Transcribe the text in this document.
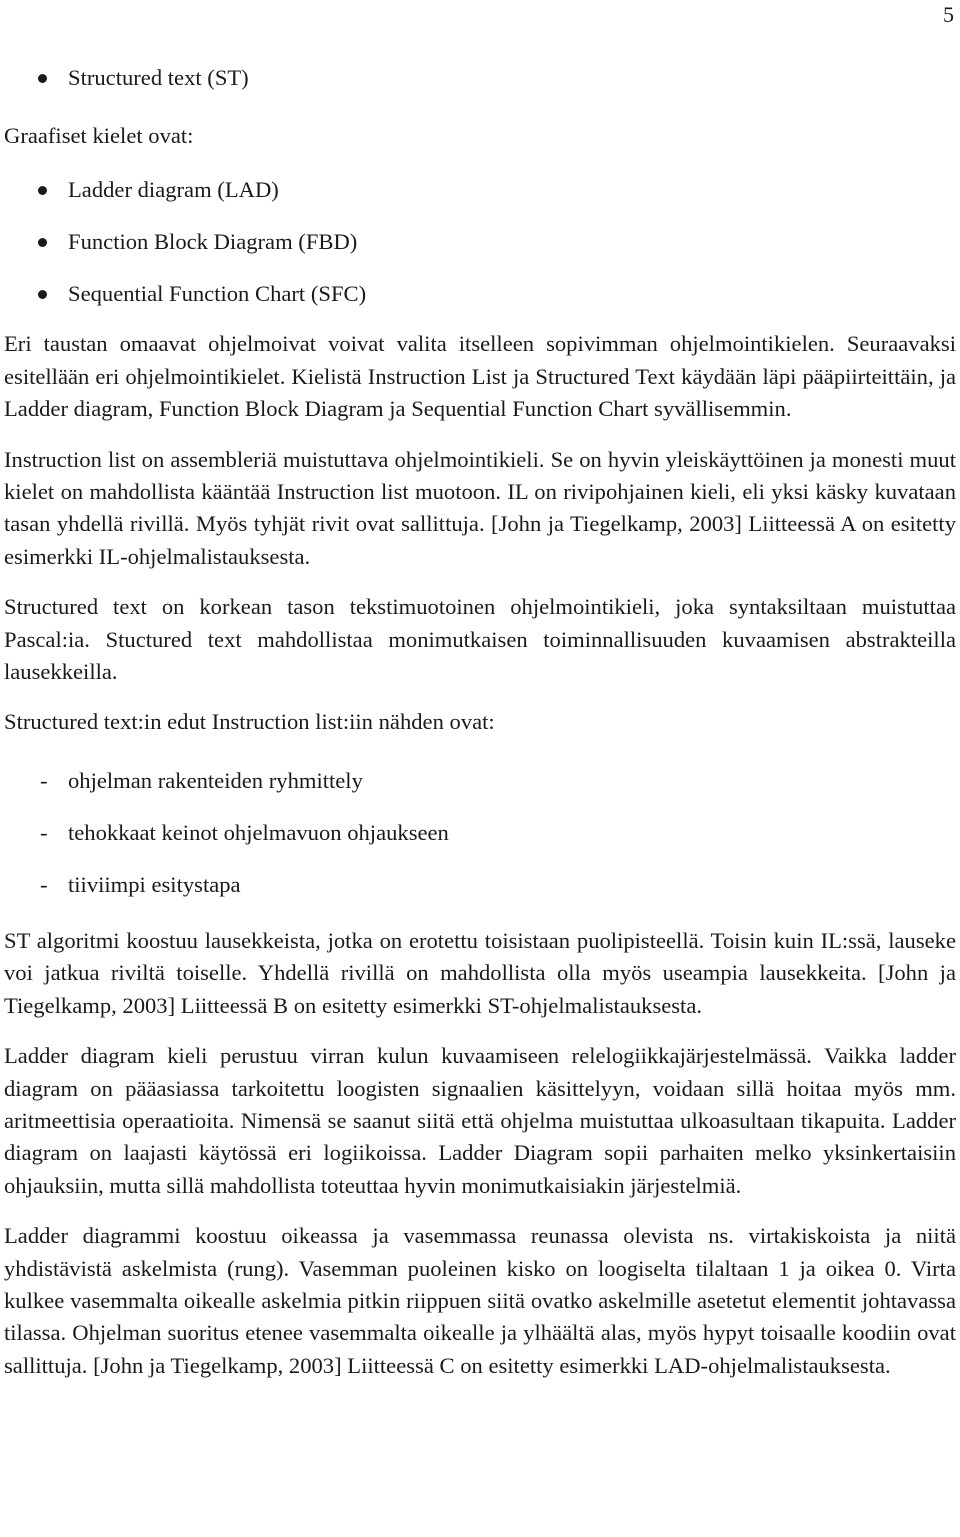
5
Structured text (ST)

Graafiset kielet ovat:

Ladder diagram (LAD)
Function Block Diagram (FBD)
Sequential Function Chart (SFC)

Eri taustan omaavat ohjelmoivat voivat valita itselleen sopivimman ohjelmointikielen. Seuraavaksi esitellään eri ohjelmointikielet. Kielistä Instruction List ja Structured Text käydään läpi pääpiirteittäin, ja Ladder diagram, Function Block Diagram ja Sequential Function Chart syvällisemmin.

Instruction list on assembleriä muistuttava ohjelmointikieli. Se on hyvin yleiskäyttöinen ja monesti muut kielet on mahdollista kääntää Instruction list muotoon. IL on rivipohjainen kieli, eli yksi käsky kuvataan tasan yhdellä rivillä. Myös tyhjät rivit ovat sallittuja. [John ja Tiegelkamp, 2003] Liitteessä A on esitetty esimerkki IL-ohjelmalistauksesta.

Structured text on korkean tason tekstimuotoinen ohjelmointikieli, joka syntaksiltaan muistuttaa Pascal:ia. Stuctured text mahdollistaa monimutkaisen toiminnallisuuden kuvaamisen abstrakteilla lausekkeilla.

Structured text:in edut Instruction list:iin nähden ovat:

- ohjelman rakenteiden ryhmittely
- tehokkaat keinot ohjelmavuon ohjaukseen
- tiiviimpi esitystapa

ST algoritmi koostuu lausekkeista, jotka on erotettu toisistaan puolipisteellä. Toisin kuin IL:ssä, lauseke voi jatkua riviltä toiselle. Yhdellä rivillä on mahdollista olla myös useampia lausekkeita. [John ja Tiegelkamp, 2003] Liitteessä B on esitetty esimerkki ST-ohjelmalistauksesta.

Ladder diagram kieli perustuu virran kulun kuvaamiseen relelogiikkajärjestelmässä. Vaikka ladder diagram on pääasiassa tarkoitettu loogisten signaalien käsittelyyn, voidaan sillä hoitaa myös mm. aritmeettisia operaatioita. Nimensä se saanut siitä että ohjelma muistuttaa ulkoasultaan tikapuita. Ladder diagram on laajasti käytössä eri logiikoissa. Ladder Diagram sopii parhaiten melko yksinkertaisiin ohjauksiin, mutta sillä mahdollista toteuttaa hyvin monimutkaisiakin järjestelmiä.

Ladder diagrammi koostuu oikeassa ja vasemmassa reunassa olevista ns. virtakiskoista ja niitä yhdistävistä askelmista (rung). Vasemman puoleinen kisko on loogiselta tilaltaan 1 ja oikea 0. Virta kulkee vasemmalta oikealle askelmia pitkin riippuen siitä ovatko askelmille asetetut elementit johtavassa tilassa. Ohjelman suoritus etenee vasemmalta oikealle ja ylhäältä alas, myös hypyt toisaalle koodiin ovat sallittuja. [John ja Tiegelkamp, 2003] Liitteessä C on esitetty esimerkki LAD-ohjelmalistauksesta.
